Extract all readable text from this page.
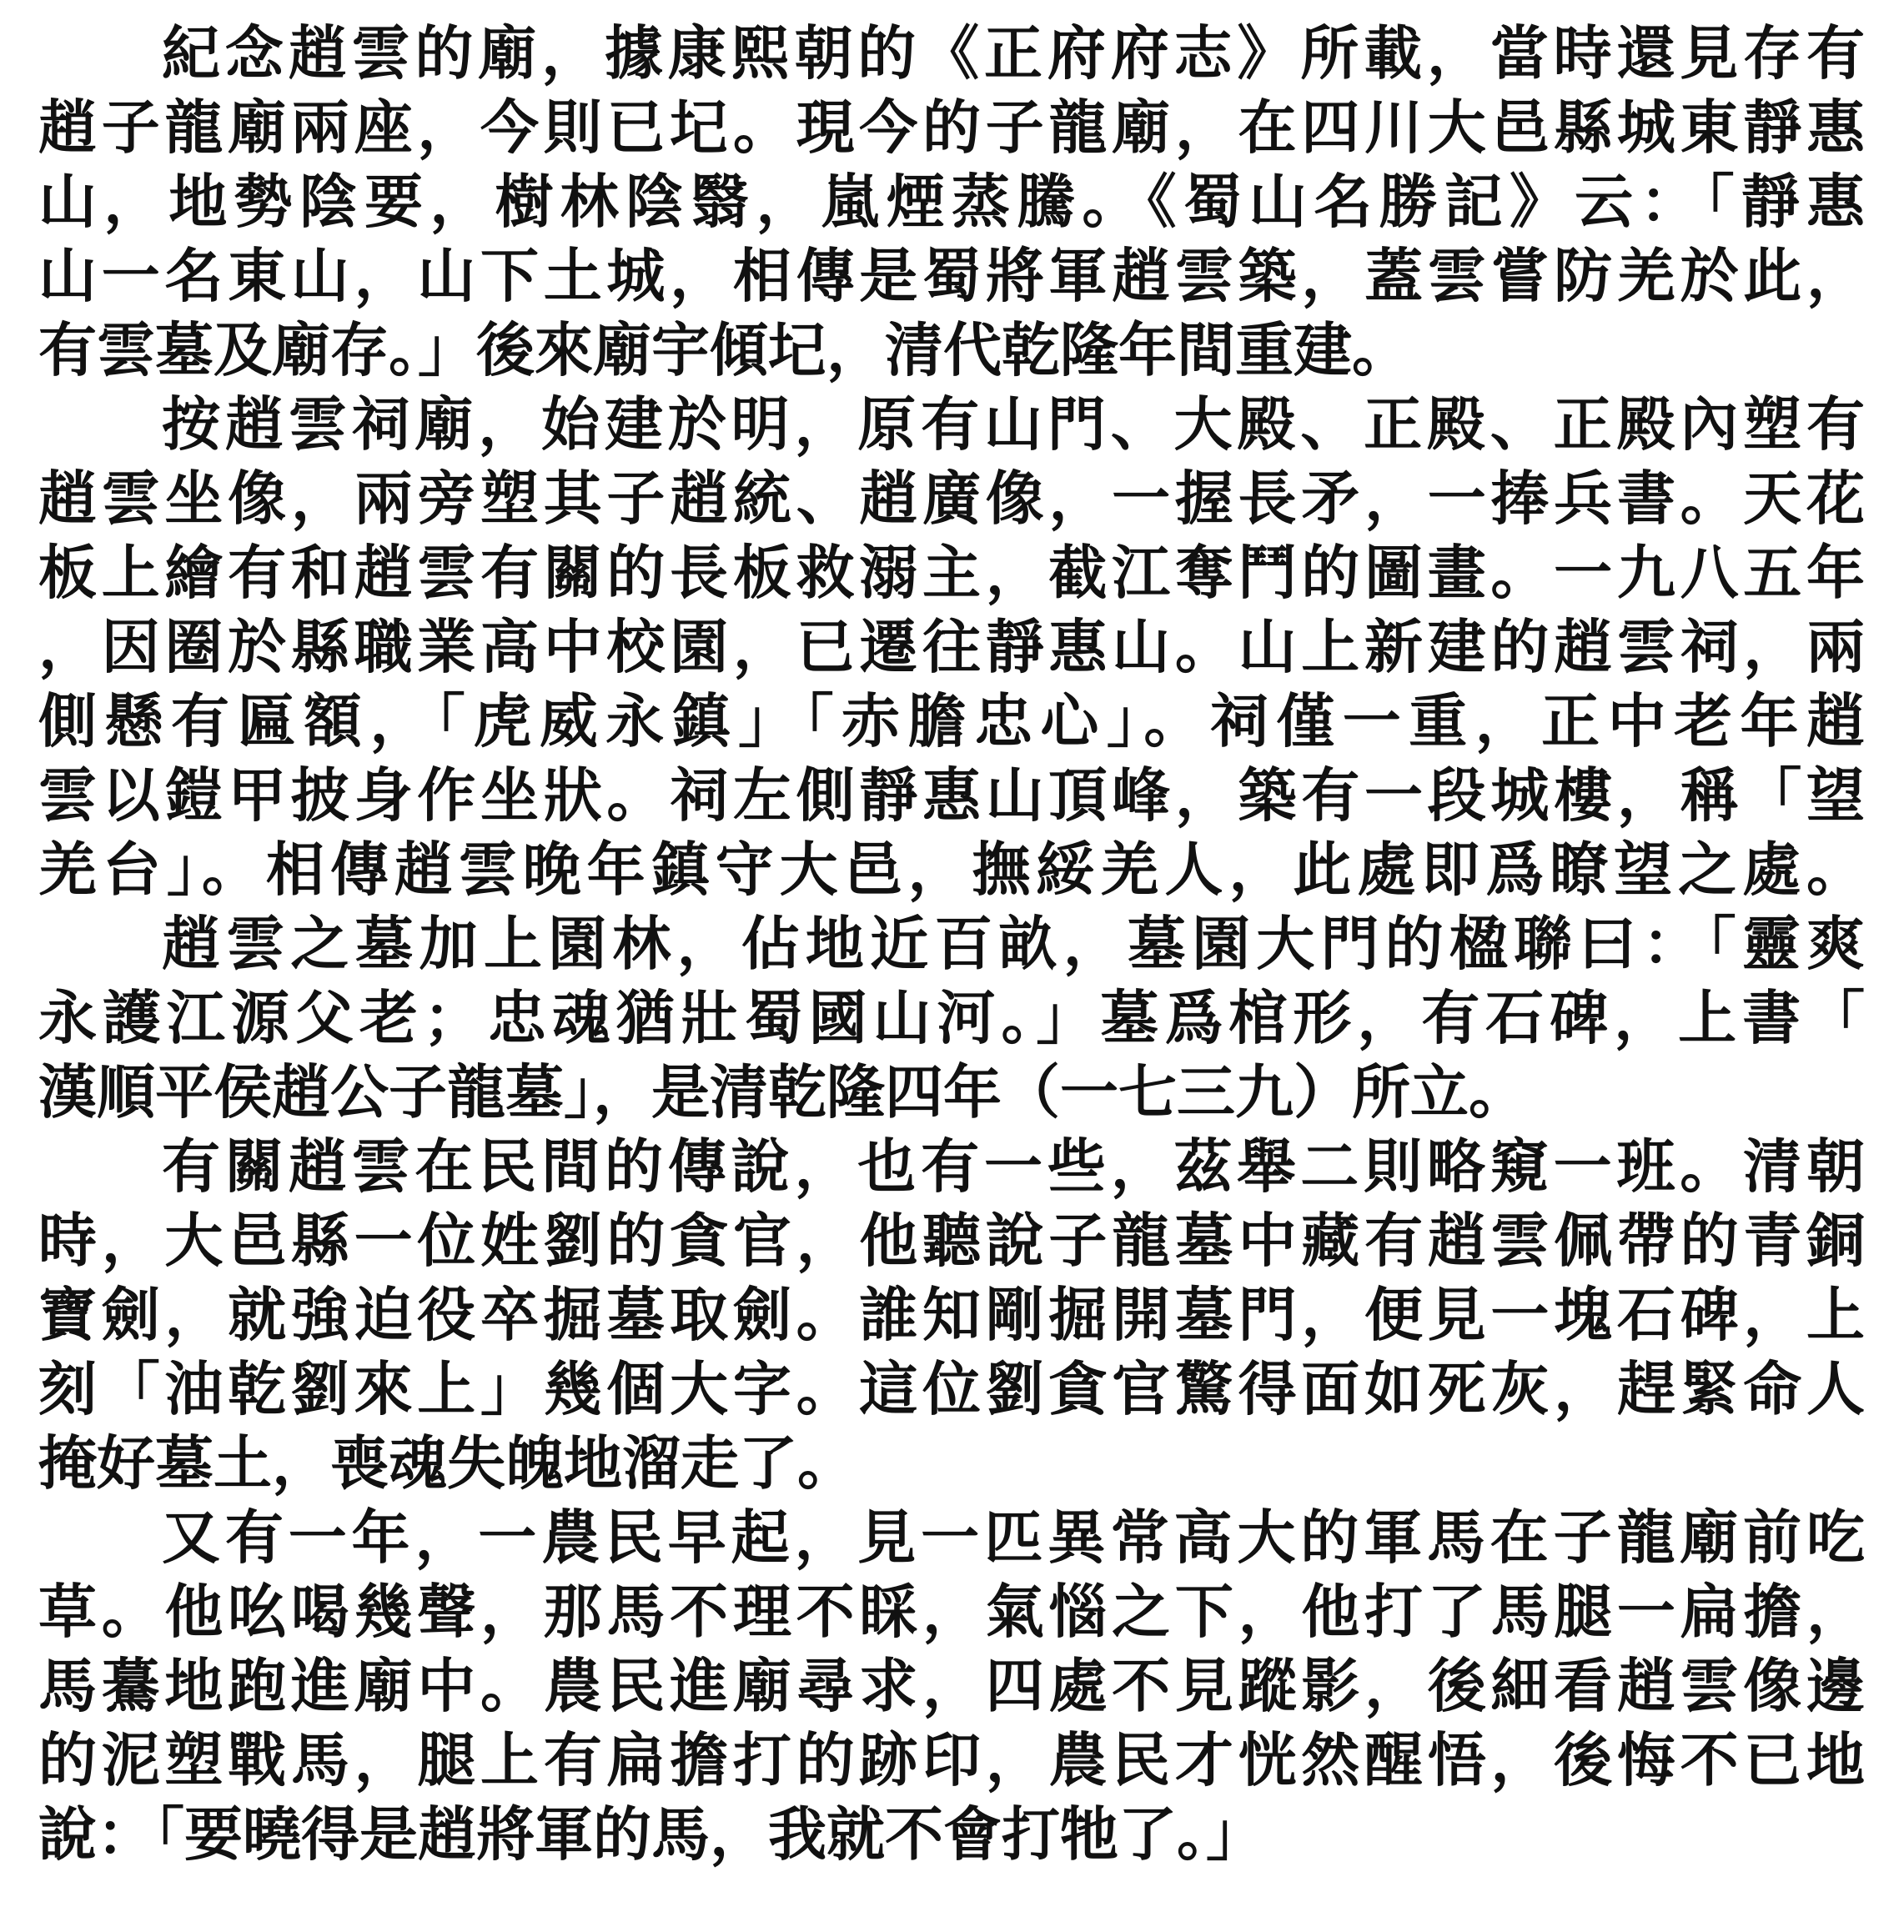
紀念趙雲的廟，據康熙朝的《正府府志》所載，當時還見存有
趙子龍廟兩座，今則已圮。現今的子龍廟，在四川大邑縣城東靜惠
山，地勢陰要，樹林陰翳，嵐煙蒸騰。《蜀山名勝記》云：「靜惠
山一名東山，山下土城，相傳是蜀將軍趙雲築，蓋雲嘗防羌於此，
有雲墓及廟存。」後來廟宇傾圮，清代乾隆年間重建。
按趙雲祠廟，始建於明，原有山門、大殿、正殿、正殿內塑有
趙雲坐像，兩旁塑其子趙統、趙廣像，一握長矛，一捧兵書。天花
板上繪有和趙雲有關的長板救溺主，截江奪鬥的圖畫。一九八五年
，因圈於縣職業高中校園，已遷往靜惠山。山上新建的趙雲祠，兩
側懸有匾額，「虎威永鎮」「赤膽忠心」。祠僅一重，正中老年趙
雲以鎧甲披身作坐狀。祠左側靜惠山頂峰，築有一段城樓，稱「望
羌台」。相傳趙雲晚年鎮守大邑，撫綏羌人，此處即爲瞭望之處。
趙雲之墓加上園林，佔地近百畝，墓園大門的楹聯曰：「靈爽
永護江源父老；忠魂猶壯蜀國山河。」墓爲棺形，有石碑，上書「
漢順平侯趙公子龍墓」，是清乾隆四年（一七三九）所立。
有關趙雲在民間的傳說，也有一些，茲舉二則略窺一班。清朝
時，大邑縣一位姓劉的貪官，他聽說子龍墓中藏有趙雲佩帶的青銅
寶劍，就強迫役卒掘墓取劍。誰知剛掘開墓門，便見一塊石碑，上
刻「油乾劉來上」幾個大字。這位劉貪官驚得面如死灰，趕緊命人
掩好墓土，喪魂失魄地溜走了。
又有一年，一農民早起，見一匹異常高大的軍馬在子龍廟前吃
草。他吆喝幾聲，那馬不理不睬，氣惱之下，他打了馬腿一扁擔，
馬驀地跑進廟中。農民進廟尋求，四處不見蹤影，後細看趙雲像邊
的泥塑戰馬，腿上有扁擔打的跡印，農民才恍然醒悟，後悔不已地
說：「要曉得是趙將軍的馬，我就不會打牠了。」
